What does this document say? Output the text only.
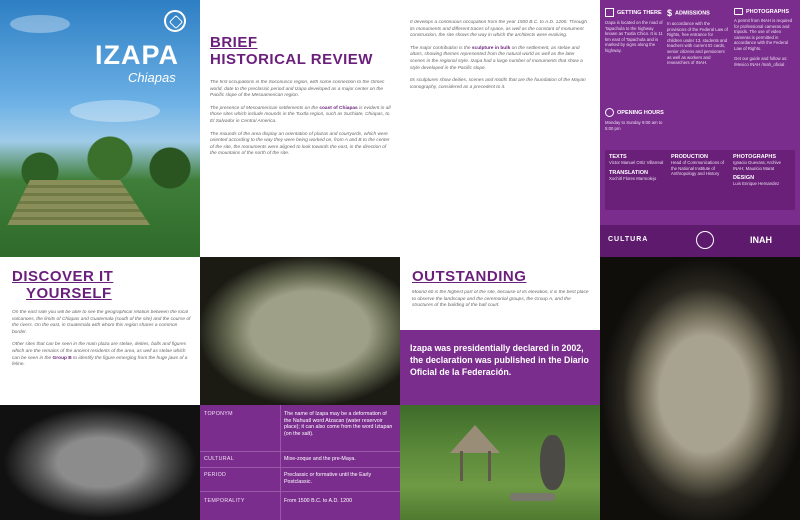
IZAPA
Chiapas
BRIEF
HISTORICAL REVIEW

The first occupations in the Soconusco region, with some connection to the Olmec world, date to the preclassic period and Izapa developed as a major center on the Pacific slope of the Mesoamerican region.

The presence of Mesoamerican settlements on the coast of Chiapas is evident in all those sites which include mounds in the Tuxtla region, such as Suchiate, Chiapas, to El Salvador in Central America.

The mounds of the area display an orientation of plazas and courtyards, which were oriented according to the way they were being worked on, from A and B to the center of the site, the monuments were aligned to look towards the east, in the direction of the mountains of the north of the site.

It develops a continuous occupation from the year 1500 B.C. to A.D. 1200. Through its monuments and different traces of space, as well as the constant of monument construction, the site shows the way in which the architects were evolving.

The major contribution is the sculpture in bulk on the settlement, as stelae and altars, showing themes represented from the natural world as well as the later scenes in the regional style. Izapa had a large number of monuments that show a style developed in the Pacific slope.

Its sculptures show deities, scenes and motifs that are the foundation of the Mayan iconography, considered as a precedent to it.

GETTING THERE
Izapa is located on the road of Tapachula to the highway known as Tuxtla Chico. It is 11 km east of Tapachula and is marked by signs along the highway.
$ ADMISSIONS
In accordance with the provisions of the Federal Law of Rights, free entrance for children under 13, students and teachers with current ID cards, senior citizens and pensioners as well as workers and researchers of INAH.
PHOTOGRAPHS
A permit from INAH is required for professional cameras and tripods. The use of video cameras is permitted in accordance with the Federal Law of Rights.
Get our guide and follow us:
/Mexico INAH /Inah_oficial
OPENING HOURS
Monday to Sunday 9:00 am to 5:00 pm
TEXTS
Victor Manuel Ortiz Villarreal
TRANSLATION
Xochitl Flores Marmolejo
PRODUCTION
Head of Communications of the National Institute of Anthropology and History
PHOTOGRAPHS
Ignacio Guevara; Archive INAH; Mauricio Marat
DESIGN
Luis Enrique Hernandez
CULTURA	INAH
DISCOVER IT
YOURSELF

On the east side you will be able to see the geographical relation between the local volcanoes, the limits of Chiapas and Guatemala (south of the site) and the course of the rivers. On the east, in Guatemala with whom this region shares a common border.

Other sites that can be seen in the main plaza are stelae, deities, balls and figures which are the remains of the ancient residents of the area, as well as stelae which can be seen in the Group B to identify the figure emerging from the huge jaws of a feline.

OUTSTANDING

Mound 60 is the highest part of the site, because of its elevation, it is the best place to observe the landscape and the ceremonial groups, the Group A, and the structures of the building of the ball court.

Izapa was presidentially declared in 2002, the declaration was published in the Diario Oficial de la Federación.

TOPONYM	The name of Izapa may be a deformation of the Nahuatl word Atzacan (water reservoir place); it can also come from the word Iztapan (on the salt).
CULTURAL	Mixe-zoque and the pre-Maya.
PERIOD	Preclassic or formative until the Early Postclassic.
TEMPORALITY	From 1500 B.C. to A.D. 1200
